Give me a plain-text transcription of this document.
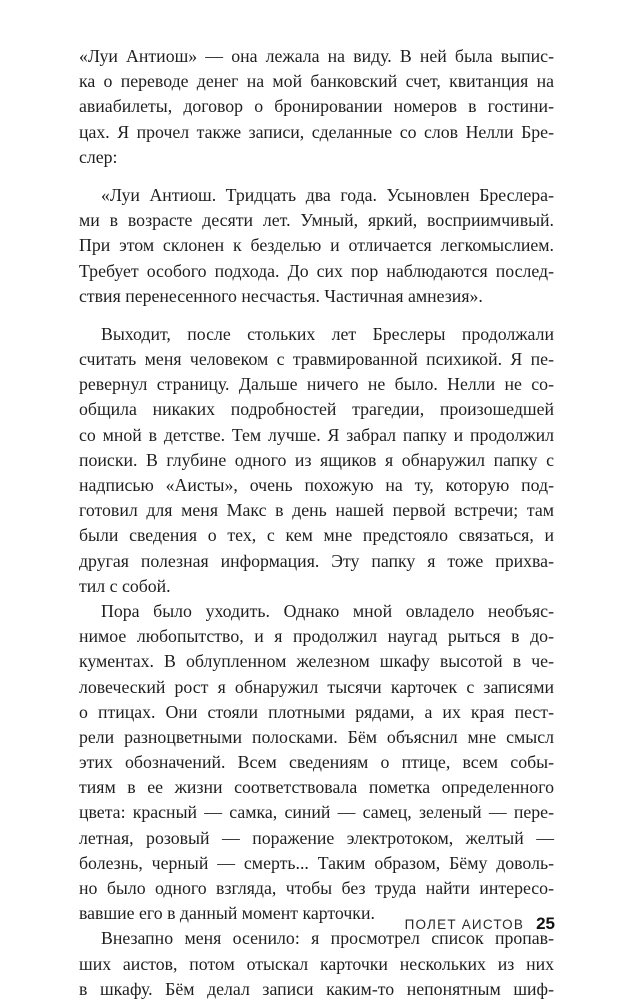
«Луи Антиош» — она лежала на виду. В ней была выпис-
ка о переводе денег на мой банковский счет, квитанция на
авиабилеты, договор о бронировании номеров в гостини-
цах. Я прочел также записи, сделанные со слов Нелли Бре-
слер:
«Луи Антиош. Тридцать два года. Усыновлен Бреслера-
ми в возрасте десяти лет. Умный, яркий, восприимчивый.
При этом склонен к безделью и отличается легкомыслием.
Требует особого подхода. До сих пор наблюдаются послед-
ствия перенесенного несчастья. Частичная амнезия».
Выходит, после стольких лет Бреслеры продолжали
считать меня человеком с травмированной психикой. Я пе-
ревернул страницу. Дальше ничего не было. Нелли не со-
общила никаких подробностей трагедии, произошедшей
со мной в детстве. Тем лучше. Я забрал папку и продолжил
поиски. В глубине одного из ящиков я обнаружил папку с
надписью «Аисты», очень похожую на ту, которую под-
готовил для меня Макс в день нашей первой встречи; там
были сведения о тех, с кем мне предстояло связаться, и
другая полезная информация. Эту папку я тоже прихва-
тил с собой.
Пора было уходить. Однако мной овладело необъяс-
нимое любопытство, и я продолжил наугад рыться в до-
кументах. В облупленном железном шкафу высотой в че-
ловеческий рост я обнаружил тысячи карточек с записями
о птицах. Они стояли плотными рядами, а их края пест-
рели разноцветными полосками. Бём объяснил мне смысл
этих обозначений. Всем сведениям о птице, всем собы-
тиям в ее жизни соответствовала пометка определенного
цвета: красный — самка, синий — самец, зеленый — пере-
летная, розовый — поражение электротоком, желтый —
болезнь, черный — смерть... Таким образом, Бёму доволь-
но было одного взгляда, чтобы без труда найти интересо-
вавшие его в данный момент карточки.
Внезапно меня осенило: я просмотрел список пропав-
ших аистов, потом отыскал карточки нескольких из них
в шкафу. Бём делал записи каким-то непонятным шиф-
ПОЛЕТ АИСТОВ 25
